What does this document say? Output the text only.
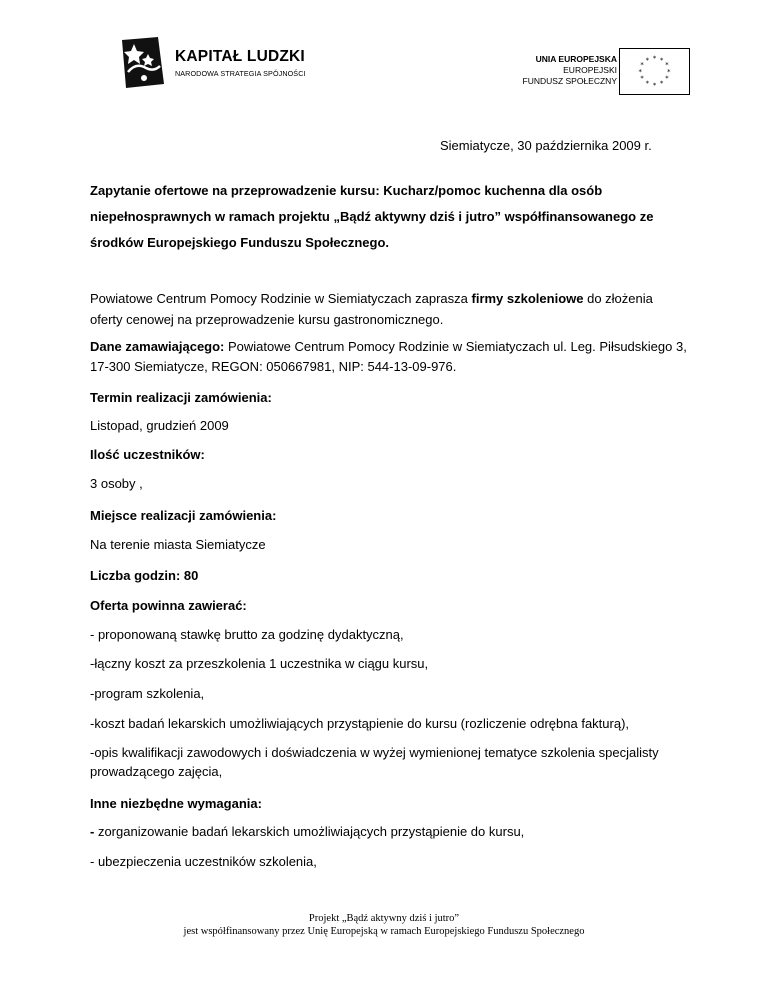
KAPITAŁ LUDZKI
NARODOWA STRATEGIA SPÓJNOŚCI
UNIA EUROPEJSKA
EUROPEJSKI
FUNDUSZ SPOŁECZNY
* *
*
*
*
*
*
*
*
*
*
*
Siemiatycze, 30 października 2009 r.
Zapytanie ofertowe na przeprowadzenie kursu: Kucharz/pomoc kuchenna dla osób
niepełnosprawnych w ramach projektu „Bądź aktywny dziś i jutro” współfinansowanego ze
środków Europejskiego Funduszu Społecznego.
Powiatowe Centrum Pomocy Rodzinie w Siemiatyczach zaprasza firmy szkoleniowe do złożenia
oferty cenowej na przeprowadzenie kursu gastronomicznego.
Dane zamawiającego: Powiatowe Centrum Pomocy Rodzinie w Siemiatyczach ul. Leg. Piłsudskiego 3,
17-300 Siemiatycze, REGON: 050667981, NIP: 544-13-09-976.
Termin realizacji zamówienia:
Listopad, grudzień 2009
Ilość uczestników:
3 osoby ,
Miejsce realizacji zamówienia:
Na terenie miasta Siemiatycze
Liczba godzin: 80
Oferta powinna zawierać:
- proponowaną stawkę brutto za godzinę dydaktyczną,
-łączny koszt za przeszkolenia 1 uczestnika w ciągu kursu,
-program szkolenia,
-koszt badań lekarskich umożliwiających przystąpienie do kursu (rozliczenie odrębna fakturą),
-opis kwalifikacji zawodowych i doświadczenia w wyżej wymienionej tematyce szkolenia specjalisty
prowadzącego zajęcia,
Inne niezbędne wymagania:
- zorganizowanie badań lekarskich umożliwiających przystąpienie do kursu,
- ubezpieczenia uczestników szkolenia,
Projekt „Bądź aktywny dziś i jutro”
jest współfinansowany przez Unię Europejską w ramach Europejskiego Funduszu Społecznego
